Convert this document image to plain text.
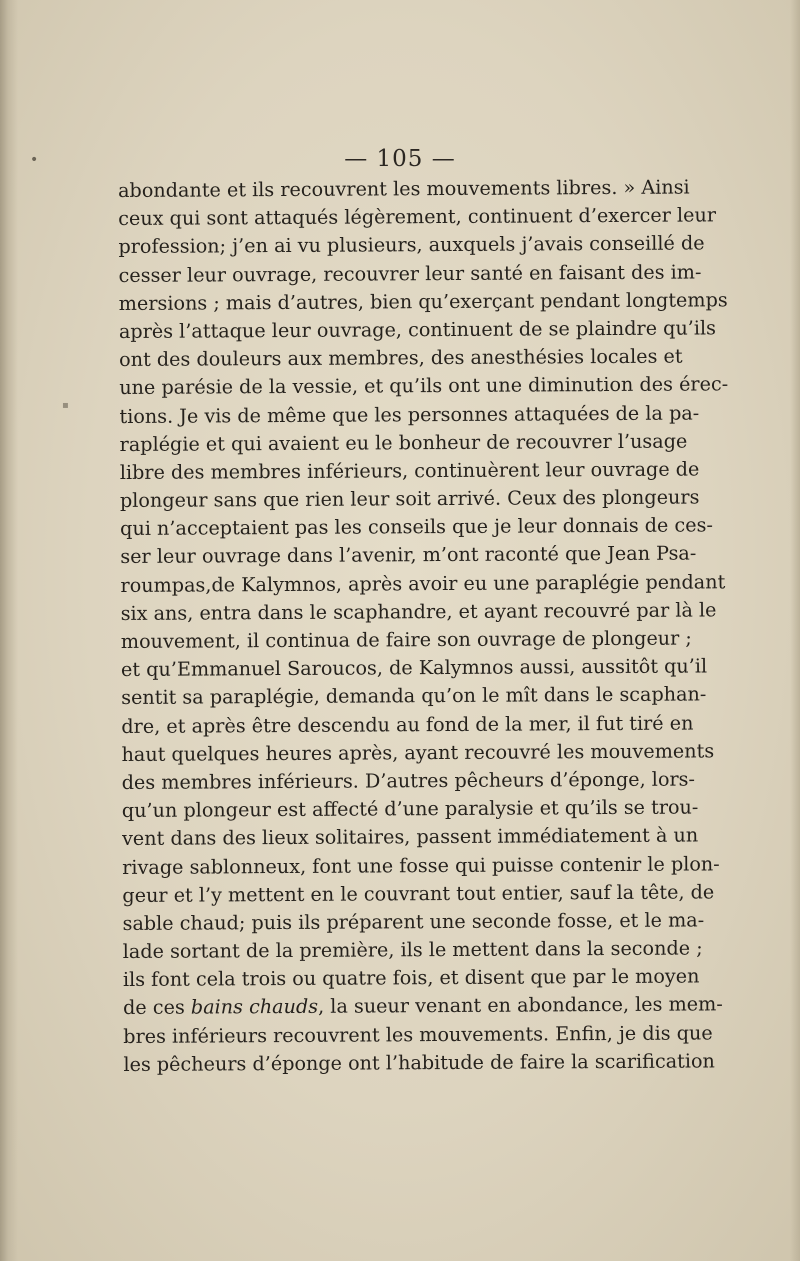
•
▪
— 105 —
abondante et ils recouvrent les mouvements libres. » Ainsi
ceux qui sont attaqués légèrement, continuent d’exercer leur
profession; j’en ai vu plusieurs, auxquels j’avais conseillé de
cesser leur ouvrage, recouvrer leur santé en faisant des im-
mersions ; mais d’autres, bien qu’exerçant pendant longtemps
après l’attaque leur ouvrage, continuent de se plaindre qu’ils
ont des douleurs aux membres, des anesthésies locales et
une parésie de la vessie, et qu’ils ont une diminution des érec-
tions. Je vis de même que les personnes attaquées de la pa-
raplégie et qui avaient eu le bonheur de recouvrer l’usage
libre des membres inférieurs, continuèrent leur ouvrage de
plongeur sans que rien leur soit arrivé. Ceux des plongeurs
qui n’acceptaient pas les conseils que je leur donnais de ces-
ser leur ouvrage dans l’avenir, m’ont raconté que Jean Psa-
roumpas,de Kalymnos, après avoir eu une paraplégie pendant
six ans, entra dans le scaphandre, et ayant recouvré par là le
mouvement, il continua de faire son ouvrage de plongeur ;
et qu’Emmanuel Saroucos, de Kalymnos aussi, aussitôt qu’il
sentit sa paraplégie, demanda qu’on le mît dans le scaphan-
dre, et après être descendu au fond de la mer, il fut tiré en
haut quelques heures après, ayant recouvré les mouvements
des membres inférieurs. D’autres pêcheurs d’éponge, lors-
qu’un plongeur est affecté d’une paralysie et qu’ils se trou-
vent dans des lieux solitaires, passent immédiatement à un
rivage sablonneux, font une fosse qui puisse contenir le plon-
geur et l’y mettent en le couvrant tout entier, sauf la tête, de
sable chaud; puis ils préparent une seconde fosse, et le ma-
lade sortant de la première, ils le mettent dans la seconde ;
ils font cela trois ou quatre fois, et disent que par le moyen
de ces bains chauds, la sueur venant en abondance, les mem-
bres inférieurs recouvrent les mouvements. Enfin, je dis que
les pêcheurs d’éponge ont l’habitude de faire la scarification
